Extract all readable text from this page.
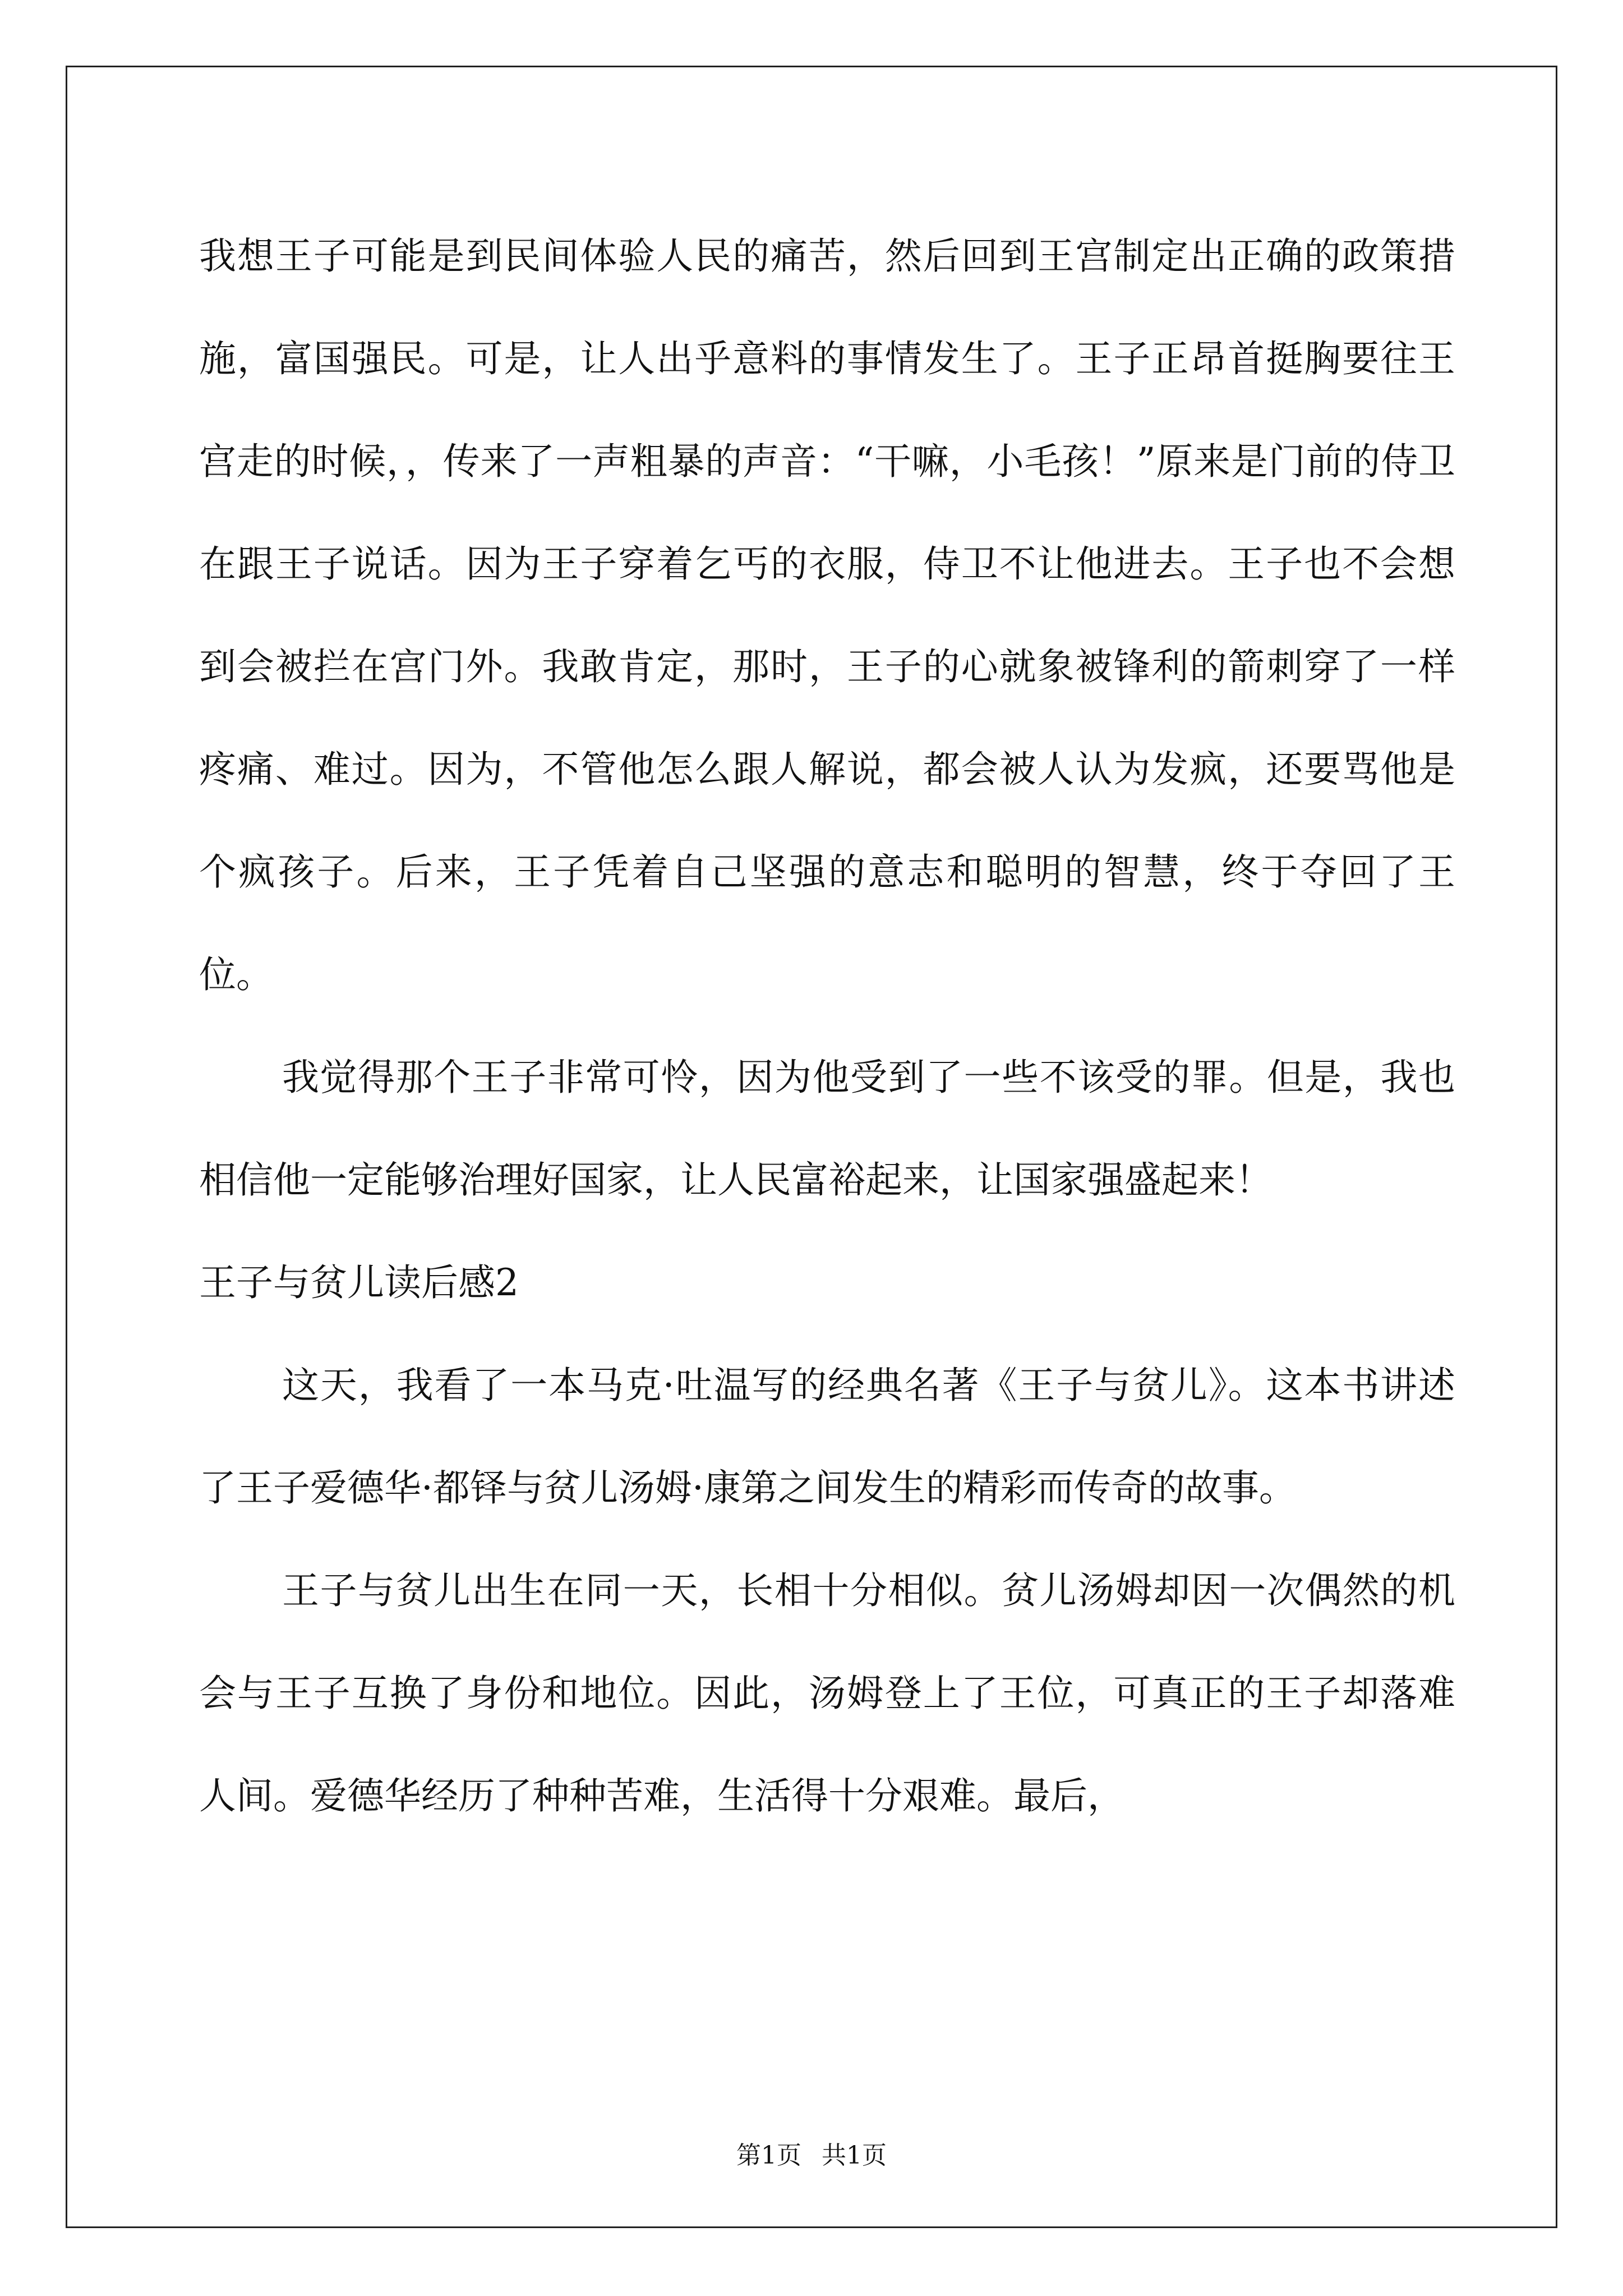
我想王子可能是到民间体验人民的痛苦，然后回到王宫制定出正确的政策措施，富国强民。可是，让人出乎意料的事情发生了。王子正昂首挺胸要往王宫走的时候，，传来了一声粗暴的声音：“干嘛，小毛孩！”原来是门前的侍卫在跟王子说话。因为王子穿着乞丐的衣服，侍卫不让他进去。王子也不会想到会被拦在宫门外。我敢肯定，那时，王子的心就象被锋利的箭刺穿了一样疼痛、难过。因为，不管他怎么跟人解说，都会被人认为发疯，还要骂他是个疯孩子。后来，王子凭着自己坚强的意志和聪明的智慧，终于夺回了王位。

我觉得那个王子非常可怜，因为他受到了一些不该受的罪。但是，我也相信他一定能够治理好国家，让人民富裕起来，让国家强盛起来！

王子与贫儿读后感2

这天，我看了一本马克·吐温写的经典名著《王子与贫儿》。这本书讲述了王子爱德华·都铎与贫儿汤姆·康第之间发生的精彩而传奇的故事。

王子与贫儿出生在同一天，长相十分相似。贫儿汤姆却因一次偶然的机会与王子互换了身份和地位。因此，汤姆登上了王位，可真正的王子却落难人间。爱德华经历了种种苦难，生活得十分艰难。最后，

第1页 共1页
